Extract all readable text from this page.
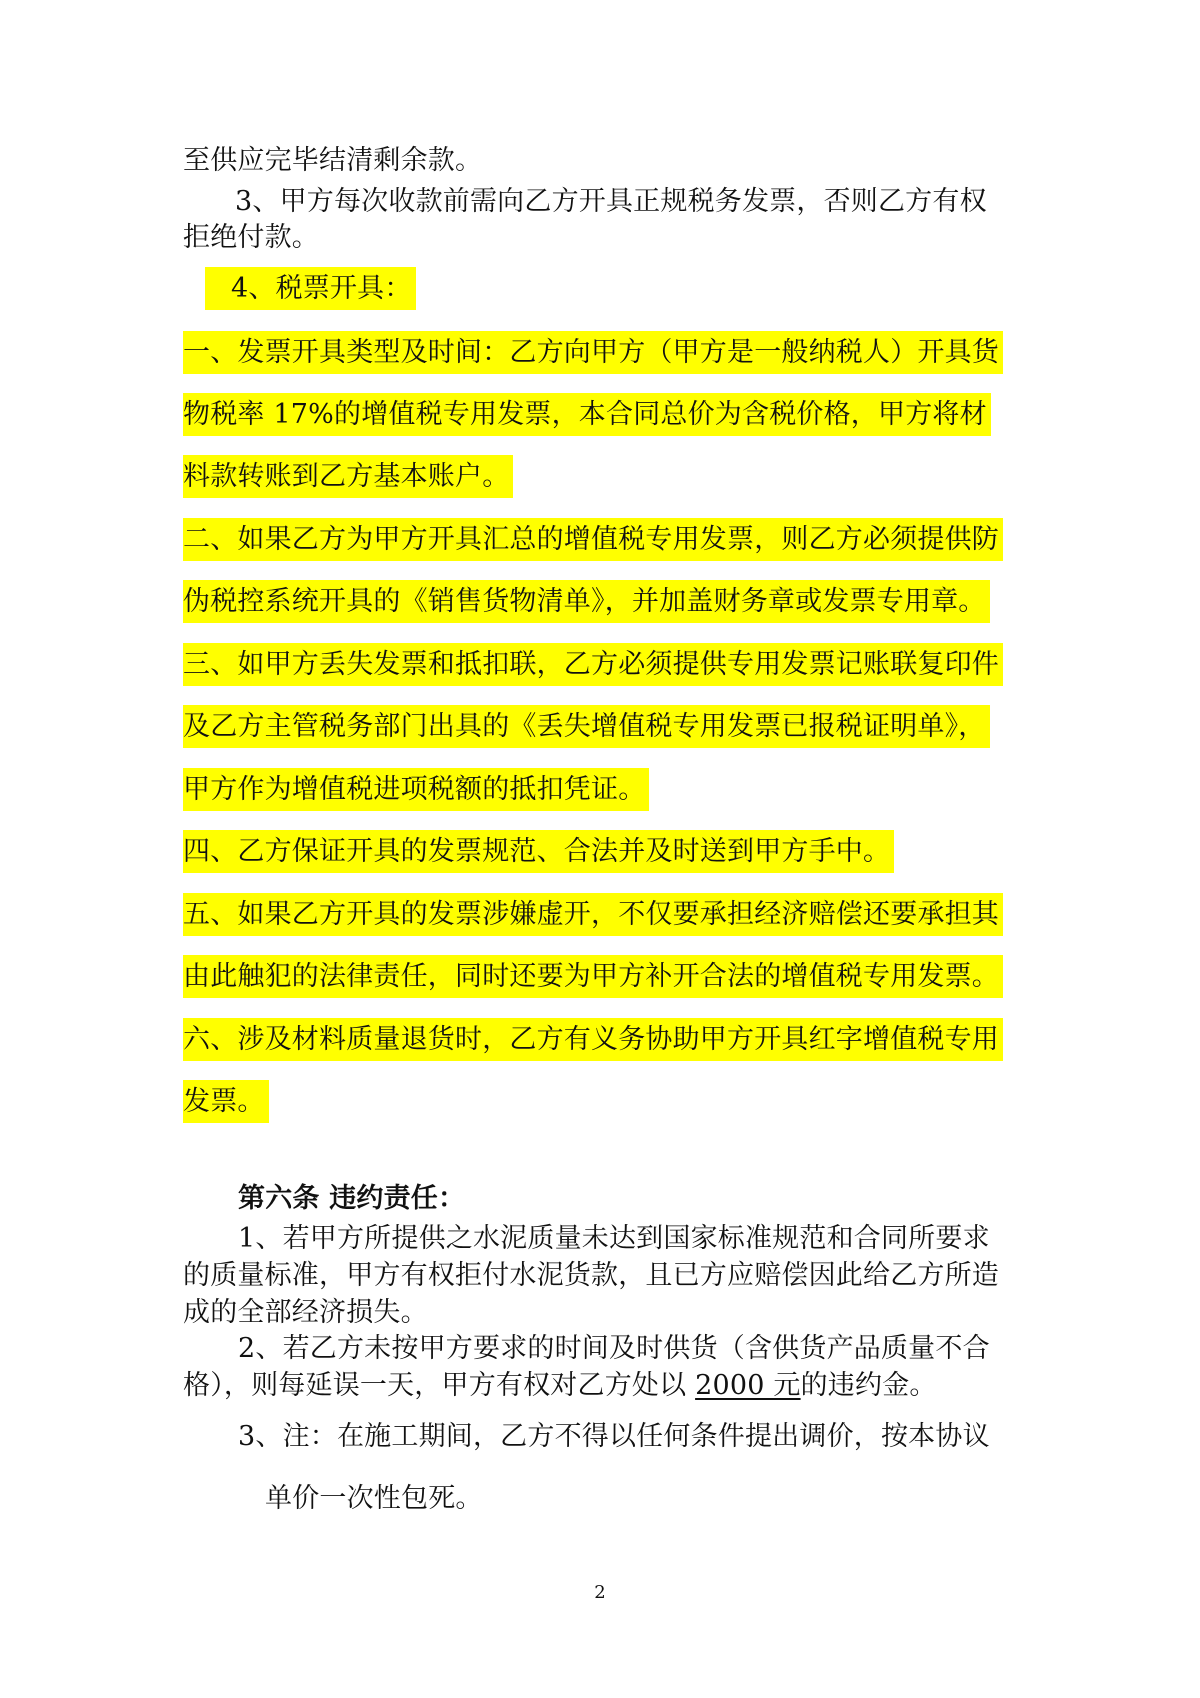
至供应完毕结清剩余款。
3、甲方每次收款前需向乙方开具正规税务发票，否则乙方有权
拒绝付款。
4、税票开具：
一、发票开具类型及时间：乙方向甲方（甲方是一般纳税人）开具货
物税率 17%的增值税专用发票，本合同总价为含税价格，甲方将材
料款转账到乙方基本账户。
二、如果乙方为甲方开具汇总的增值税专用发票，则乙方必须提供防
伪税控系统开具的《销售货物清单》，并加盖财务章或发票专用章。
三、如甲方丢失发票和抵扣联，乙方必须提供专用发票记账联复印件
及乙方主管税务部门出具的《丢失增值税专用发票已报税证明单》，
甲方作为增值税进项税额的抵扣凭证。
四、乙方保证开具的发票规范、合法并及时送到甲方手中。
五、如果乙方开具的发票涉嫌虚开，不仅要承担经济赔偿还要承担其
由此触犯的法律责任，同时还要为甲方补开合法的增值税专用发票。
六、涉及材料质量退货时，乙方有义务协助甲方开具红字增值税专用
发票。
第六条 违约责任：
1、若甲方所提供之水泥质量未达到国家标准规范和合同所要求
的质量标准，甲方有权拒付水泥货款，且已方应赔偿因此给乙方所造
成的全部经济损失。
2、若乙方未按甲方要求的时间及时供货（含供货产品质量不合
格），则每延误一天，甲方有权对乙方处以 2000 元的违约金。
3、注：在施工期间，乙方不得以任何条件提出调价，按本协议
单价一次性包死。
2
